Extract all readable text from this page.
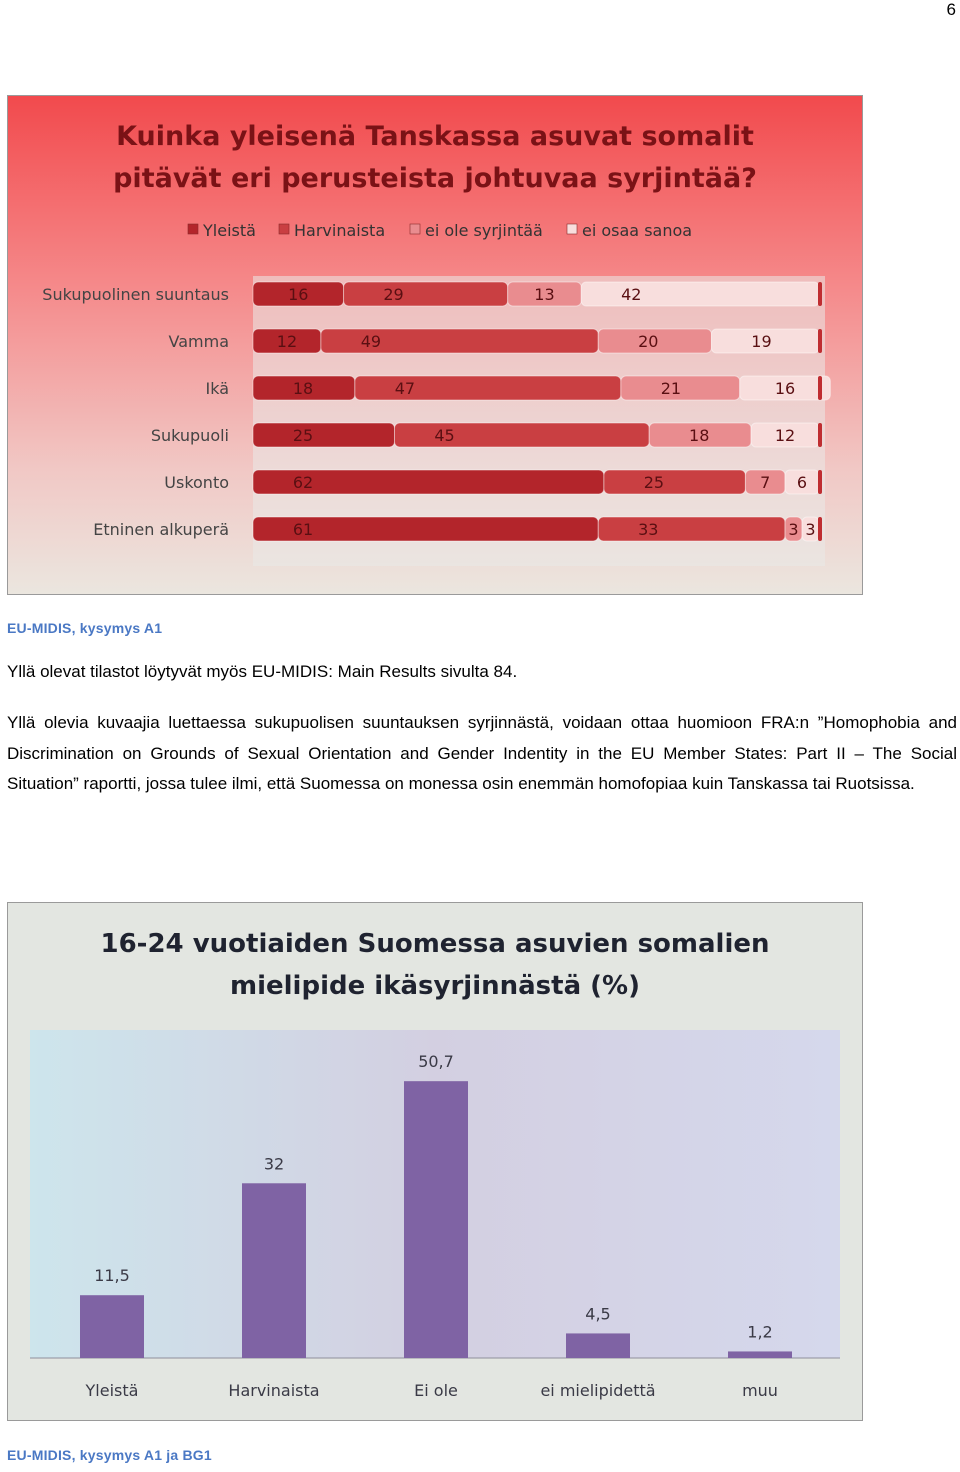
6
Kuinka yleisenä Tanskassa asuvat somalit
pitävät eri perusteista johtuvaa syrjintää?
Yleistä Harvinaista ei ole syrjintää ei osaa sanoa
Sukupuolinen suuntaus
Vamma
Ikä
Sukupuoli
Uskonto
Etninen alkuperä
16	29	13	42
12	49	20	19
18	47	21	16
25	45	18	12
62	25	7 6
61	33	3 3
EU-MIDIS, kysymys A1
Yllä olevat tilastot löytyvät myös EU-MIDIS: Main Results sivulta 84.
Yllä olevia kuvaajia luettaessa sukupuolisen suuntauksen syrjinnästä, voidaan ottaa huomioon FRA:n ”Homophobia and Discrimination on Grounds of Sexual Orientation and Gender Indentity in the EU Member States: Part II – The Social Situation” raportti, jossa tulee ilmi, että Suomessa on monessa osin enemmän homofopiaa kuin Tanskassa tai Ruotsissa.
16-24 vuotiaiden Suomessa asuvien somalien
mielipide ikäsyrjinnästä (%)
11,5
Yleistä
32
Harvinaista
50,7
Ei ole
4,5
ei mielipidettä
1,2
muu
EU-MIDIS, kysymys A1 ja BG1
